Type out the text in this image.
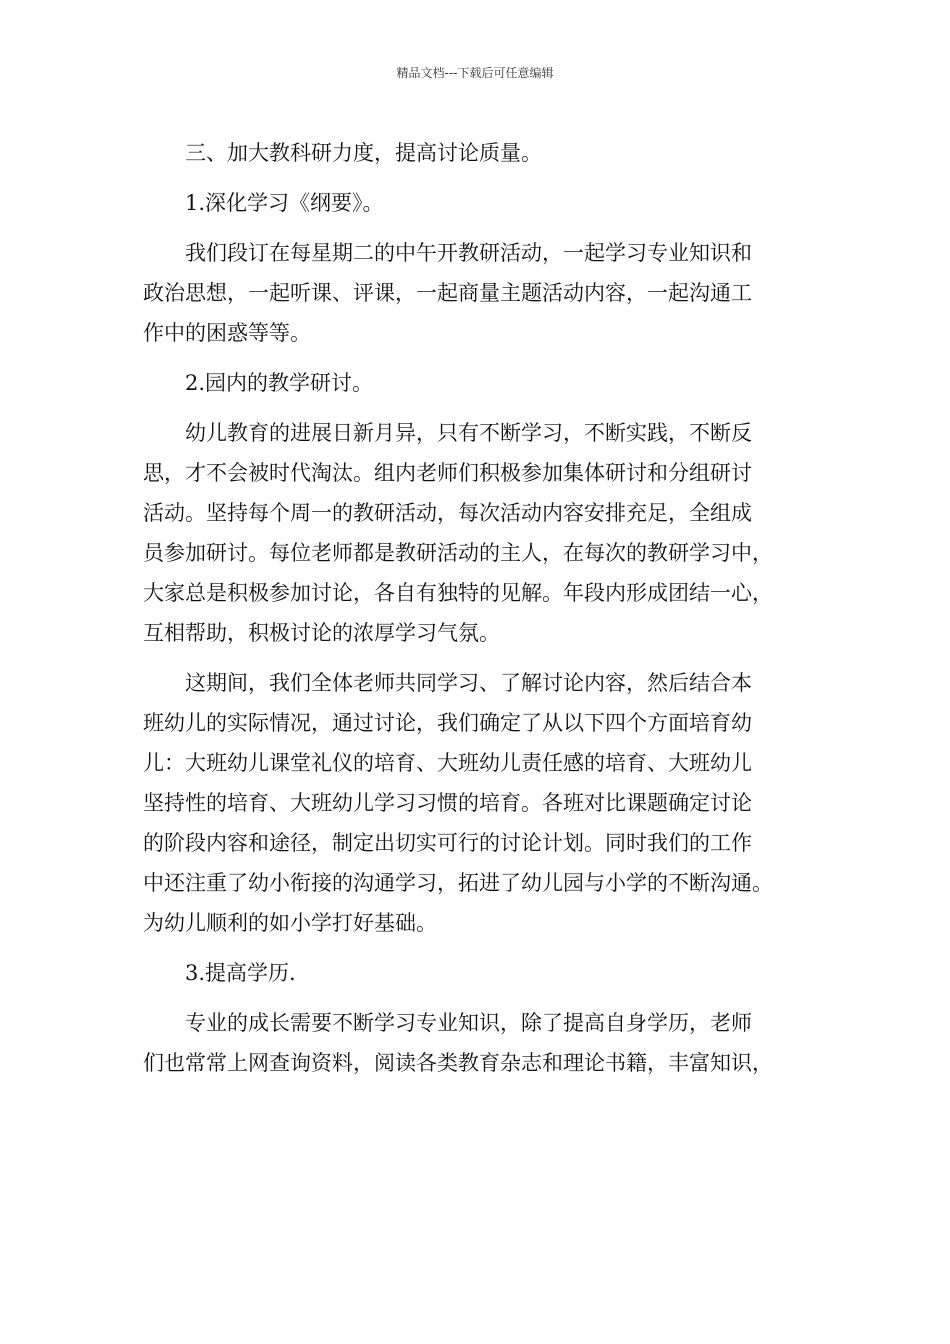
精品文档---下载后可任意编辑
三、加大教科研力度，提高讨论质量。
1.深化学习《纲要》。
我们段订在每星期二的中午开教研活动，一起学习专业知识和
政治思想，一起听课、评课，一起商量主题活动内容，一起沟通工
作中的困惑等等。
2.园内的教学研讨。
幼儿教育的进展日新月异，只有不断学习，不断实践，不断反
思，才不会被时代淘汰。组内老师们积极参加集体研讨和分组研讨
活动。坚持每个周一的教研活动，每次活动内容安排充足，全组成
员参加研讨。每位老师都是教研活动的主人，在每次的教研学习中，
大家总是积极参加讨论，各自有独特的见解。年段内形成团结一心，
互相帮助，积极讨论的浓厚学习气氛。
这期间，我们全体老师共同学习、了解讨论内容，然后结合本
班幼儿的实际情况，通过讨论，我们确定了从以下四个方面培育幼
儿：大班幼儿课堂礼仪的培育、大班幼儿责任感的培育、大班幼儿
坚持性的培育、大班幼儿学习习惯的培育。各班对比课题确定讨论
的阶段内容和途径，制定出切实可行的讨论计划。同时我们的工作
中还注重了幼小衔接的沟通学习，拓进了幼儿园与小学的不断沟通。
为幼儿顺利的如小学打好基础。
3.提高学历.
专业的成长需要不断学习专业知识，除了提高自身学历，老师
们也常常上网查询资料，阅读各类教育杂志和理论书籍，丰富知识，
